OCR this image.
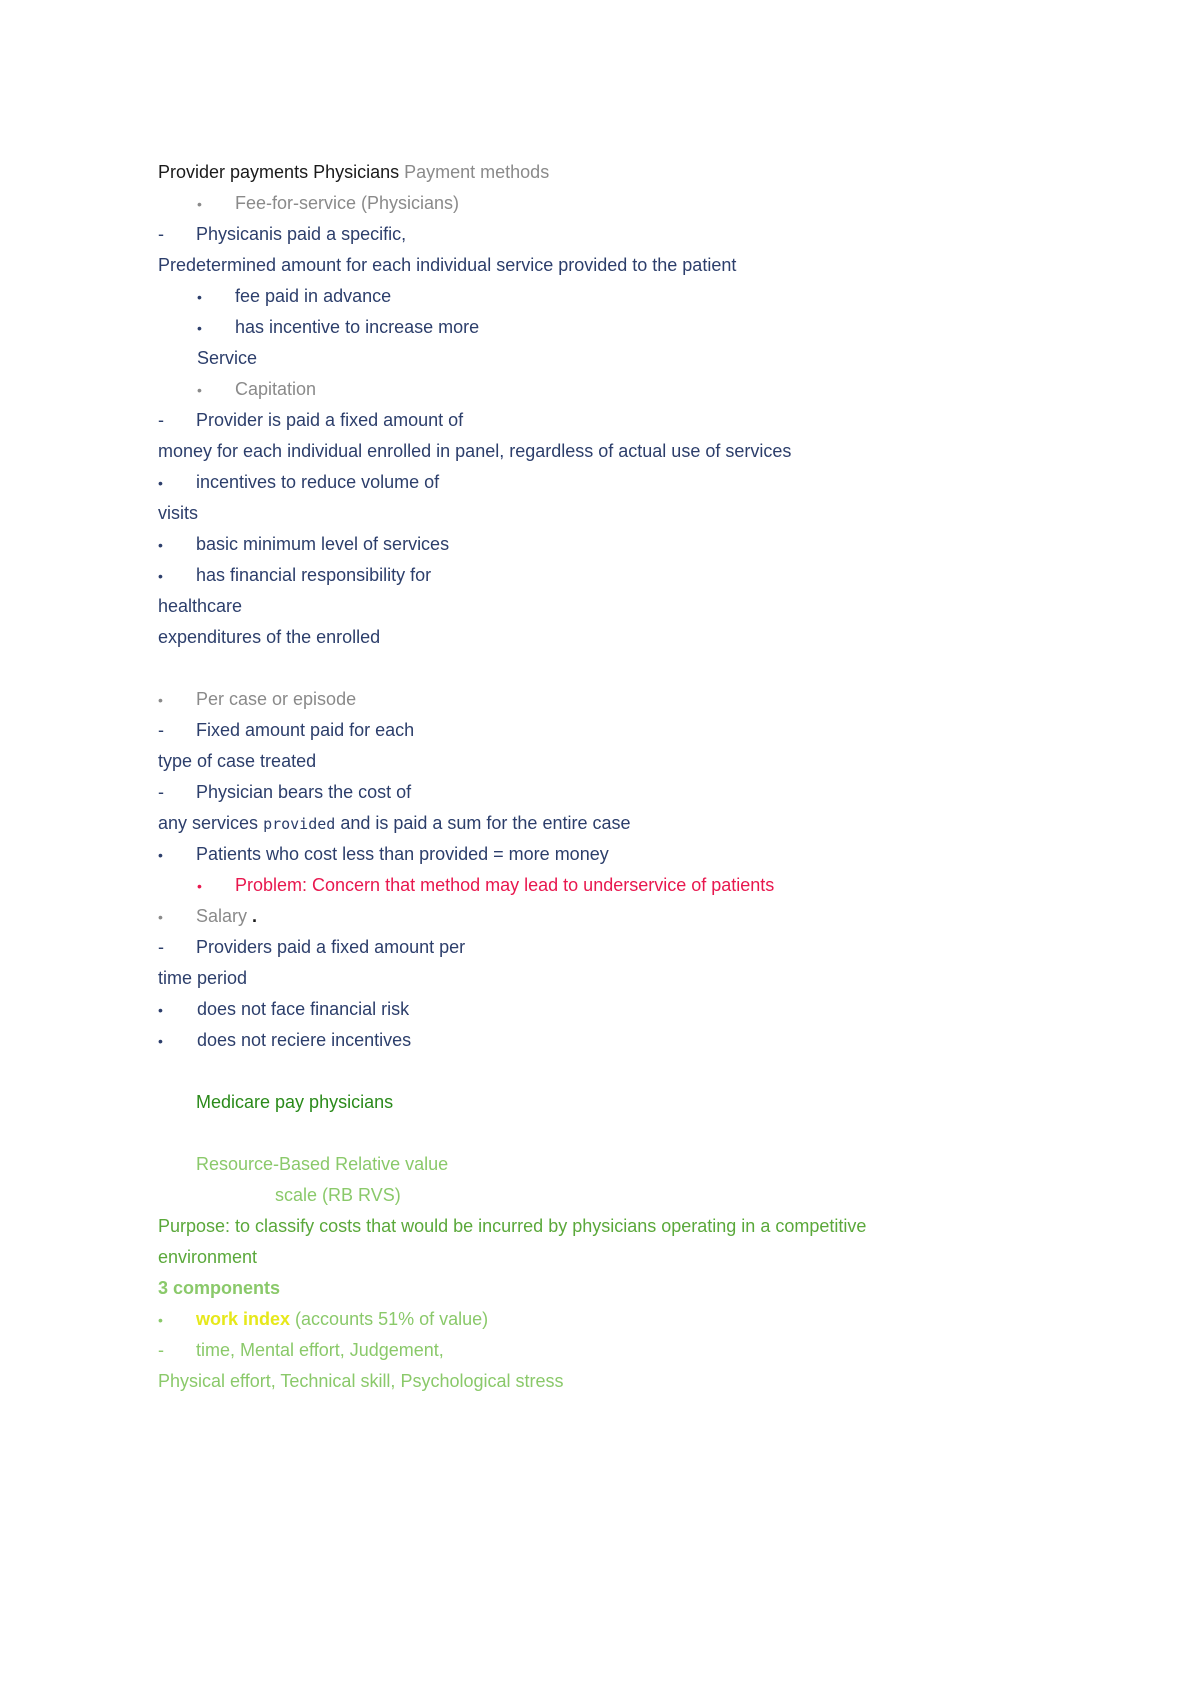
Provider payments Physicians Payment methods

• Fee-for-service (Physicians)

- Physicanis paid a specific,

Predetermined amount for each individual service provided to the patient

• fee paid in advance

• has incentive to increase more

Service

• Capitation

- Provider is paid a fixed amount of

money for each individual enrolled in panel, regardless of actual use of services

• incentives to reduce volume of

visits

• basic minimum level of services

• has financial responsibility for

healthcare

expenditures of the enrolled

• Per case or episode

- Fixed amount paid for each

type of case treated

- Physician bears the cost of

any services provided and is paid a sum for the entire case

• Patients who cost less than provided = more money

• Problem: Concern that method may lead to underservice of patients

• Salary .

- Providers paid a fixed amount per

time period

• does not face financial risk

• does not reciere incentives

Medicare pay physicians

Resource-Based Relative value

scale (RB RVS)

Purpose: to classify costs that would be incurred by physicians operating in a competitive

environment

3 components

• work index (accounts 51% of value)

- time, Mental effort, Judgement,

Physical effort, Technical skill, Psychological stress
